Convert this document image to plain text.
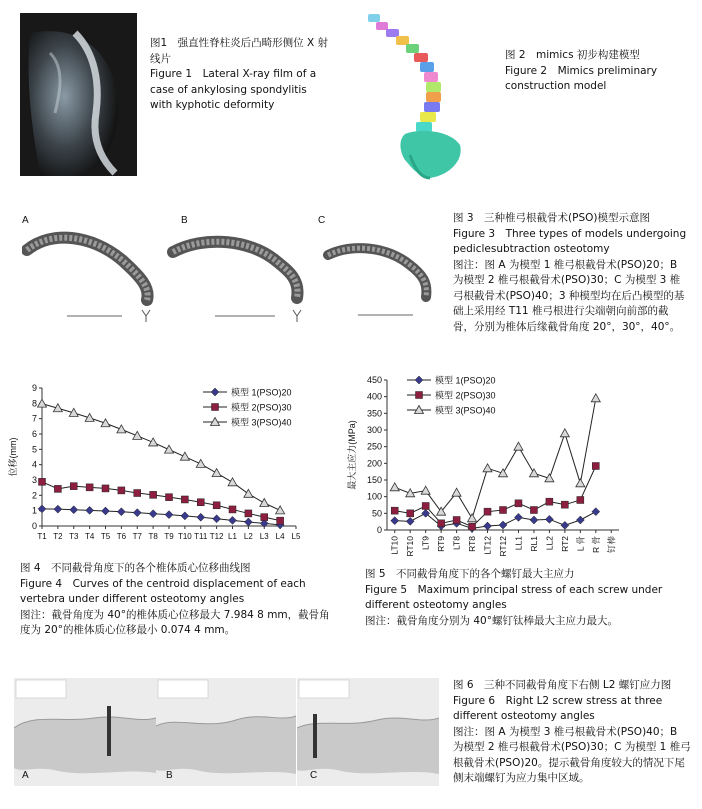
图1　强直性脊柱炎后凸畸形侧位 X 射线片
Figure 1　Lateral X-ray film of a case of ankylosing spondylitis with kyphotic deformity
图 2　mimics 初步构建模型
Figure 2　Mimics preliminary construction model
A	B	C	图 3　三种椎弓根截骨术(PSO)模型示意图
Figure 3　Three types of models undergoing pediclesubtraction osteotomy
图注：图 A 为模型 1 椎弓根截骨术(PSO)20；B 为模型 2 椎弓根截骨术(PSO)30；C 为模型 3 椎弓根截骨术(PSO)40；3 种模型均在后凸模型的基础上采用经 T11 椎弓根进行尖端朝向前部的截骨，分别为椎体后缘截骨角度 20°，30°，40°。
0
1
2
3
4
5
6
7
8
9
T1 T2 T3 T4 T5 T6 T7 T8 T9 T10 T11 T12 L1 L2 L3 L4 L5
位移(mm)
模型 1(PSO)20
模型 2(PSO)30
模型 3(PSO)40
图 4　不同截骨角度下的各个椎体质心位移曲线图
Figure 4　Curves of the centroid displacement of each vertebra under different osteotomy angles
图注：截骨角度为 40°的椎体质心位移最大 7.984 8 mm，截骨角度为 20°的椎体质心位移最小 0.074 4 mm。
0
50
100
150
200
250
300
350
400
450
LT10 RT10 LT9 RT9 LT8 RT8 LT12 RT12 LL1 RL1 LL2 RT2 L 骨 R 骨 钉棒
最大主应力(MPa)
模型 1(PSO)20
模型 2(PSO)30
模型 3(PSO)40
图 5　不同截骨角度下的各个螺钉最大主应力
Figure 5　Maximum principal stress of each screw under different osteotomy angles
图注：截骨角度分别为 40°螺钉钛棒最大主应力最大。
A	B	C
图 6　三种不同截骨角度下右侧 L2 螺钉应力图
Figure 6　Right L2 screw stress at three different osteotomy angles
图注：图 A 为模型 3 椎弓根截骨术(PSO)40；B 为模型 2 椎弓根截骨术(PSO)30；C 为模型 1 椎弓根截骨术(PSO)20。提示截骨角度较大的情况下尾侧末端螺钉为应力集中区域。
